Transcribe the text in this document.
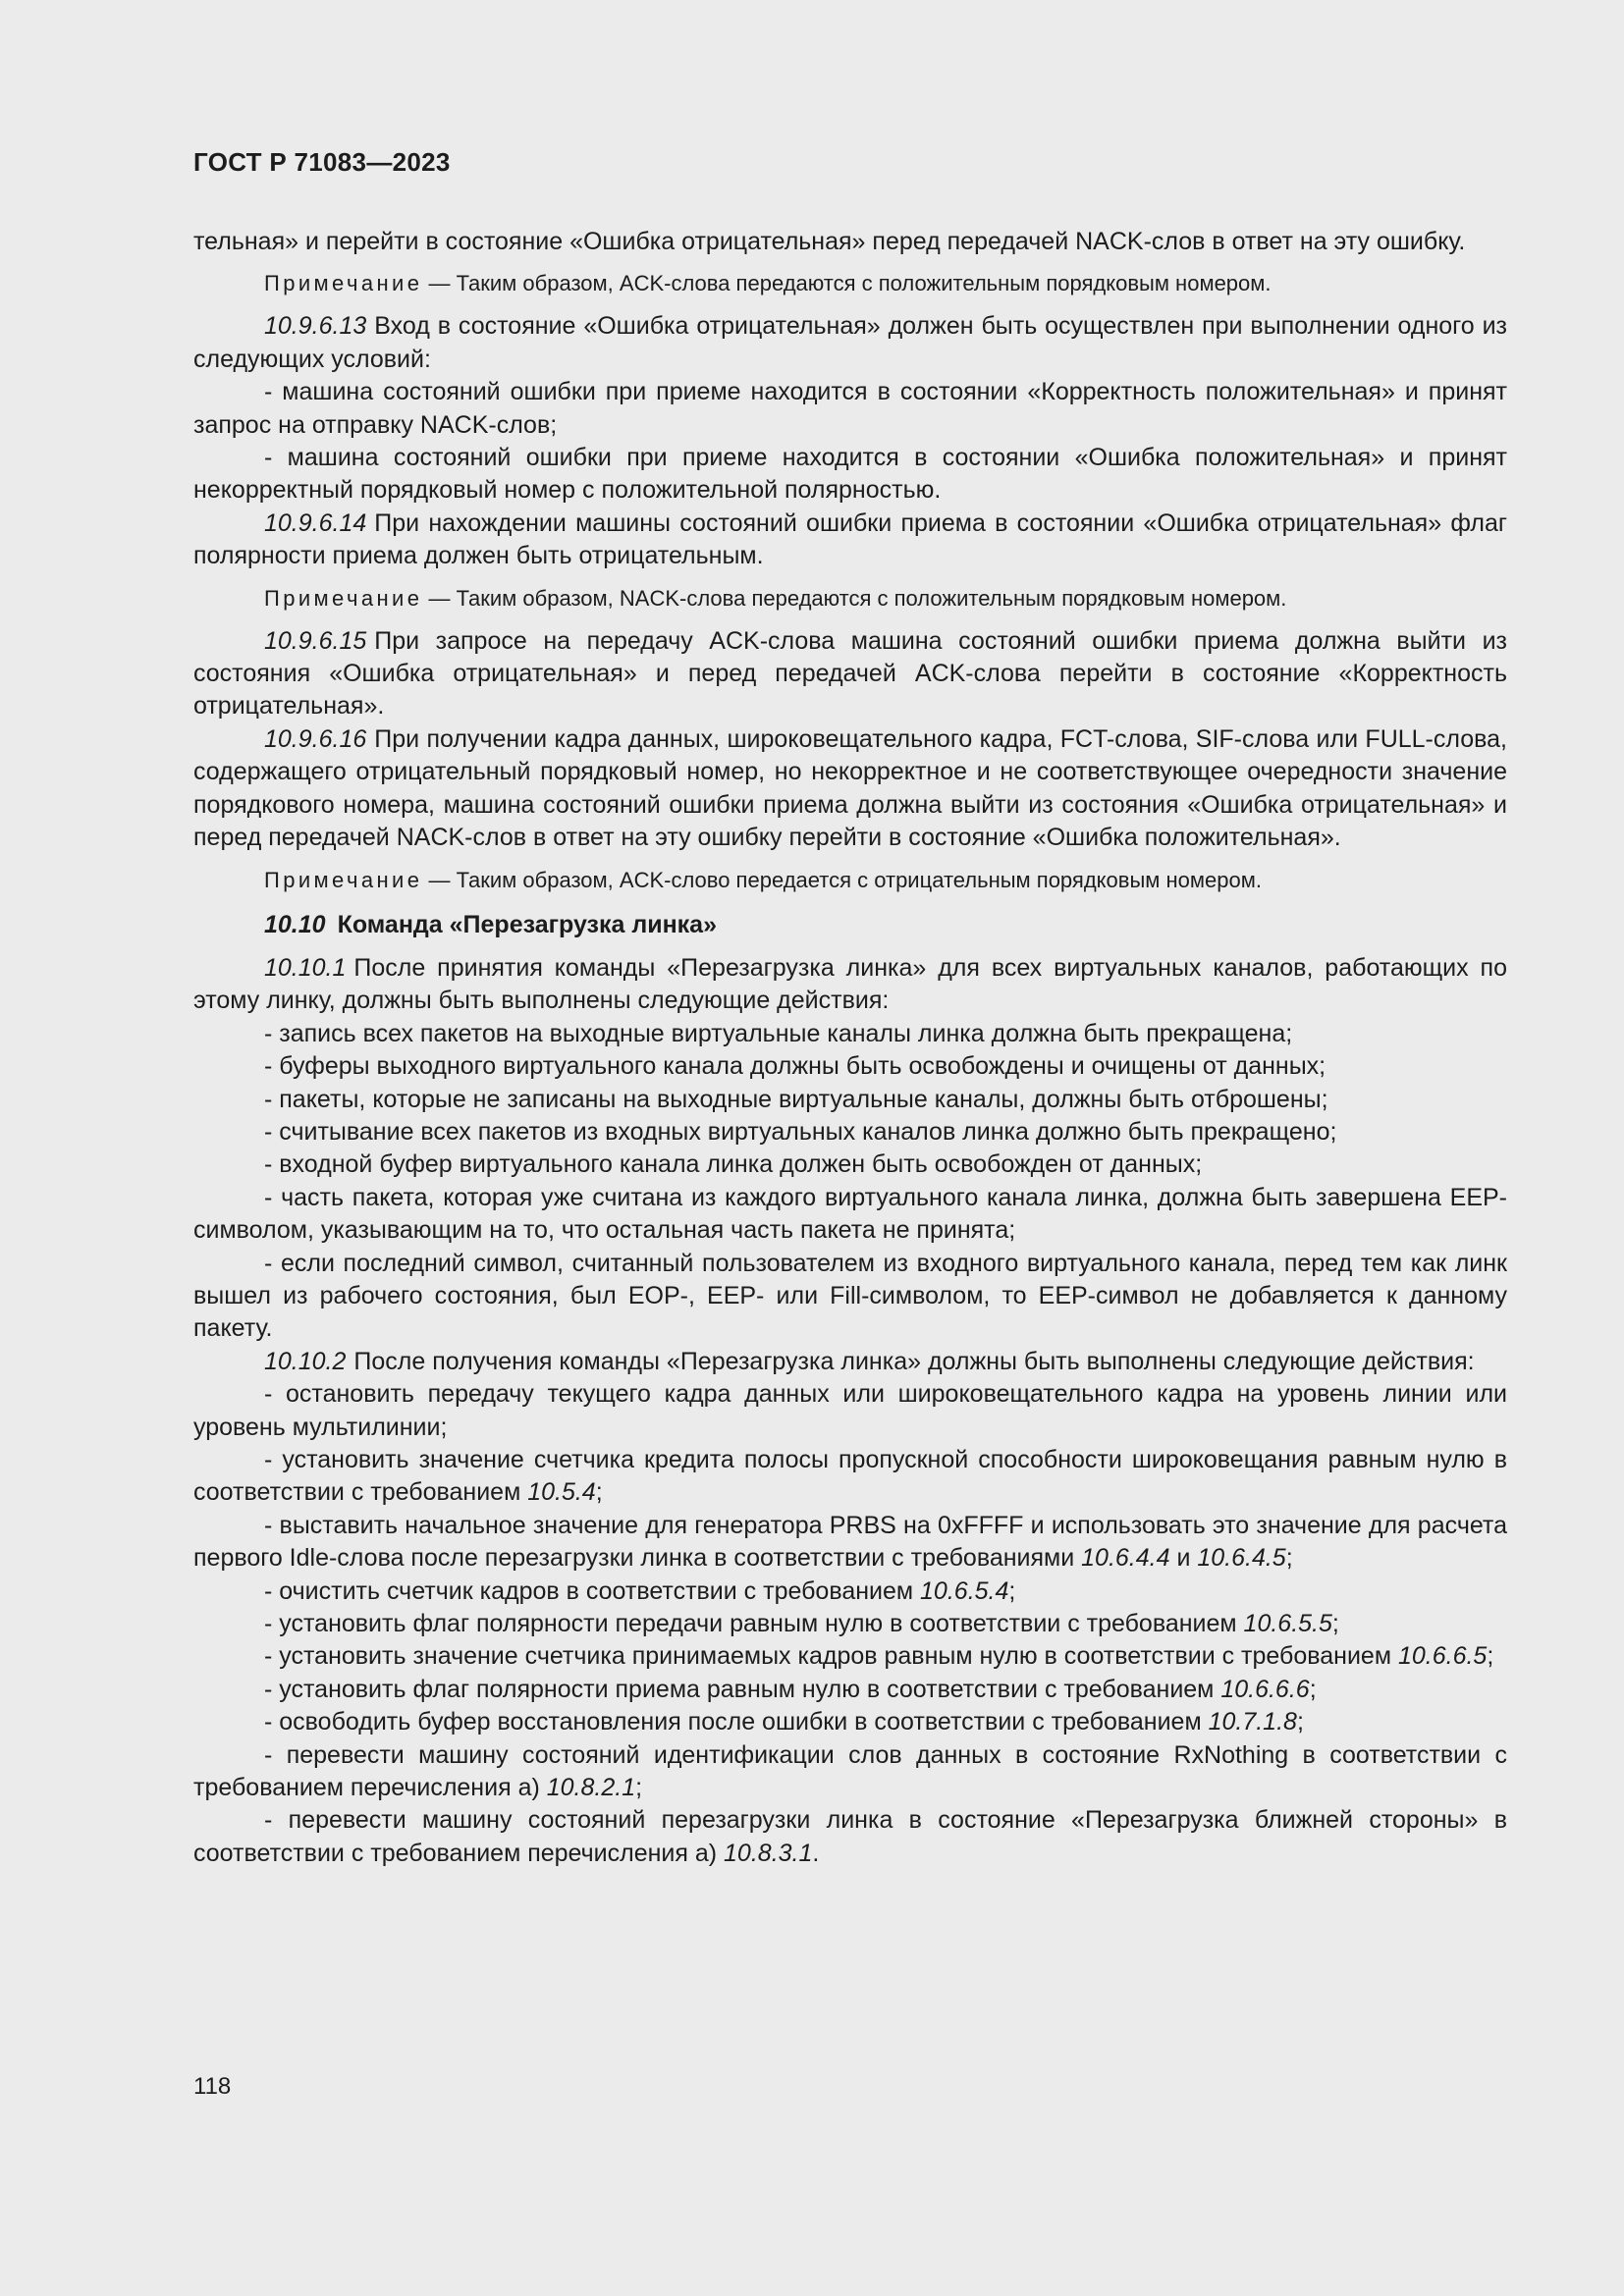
ГОСТ Р 71083—2023

тельная» и перейти в состояние «Ошибка отрицательная» перед передачей NACK-слов в ответ на эту ошибку.

Примечание — Таким образом, ACK-слова передаются с положительным порядковым номером.

10.9.6.13 Вход в состояние «Ошибка отрицательная» должен быть осуществлен при выполнении одного из следующих условий:

- машина состояний ошибки при приеме находится в состоянии «Корректность положительная» и принят запрос на отправку NACK-слов;

- машина состояний ошибки при приеме находится в состоянии «Ошибка положительная» и принят некорректный порядковый номер с положительной полярностью.

10.9.6.14 При нахождении машины состояний ошибки приема в состоянии «Ошибка отрицательная» флаг полярности приема должен быть отрицательным.

Примечание — Таким образом, NACK-слова передаются с положительным порядковым номером.

10.9.6.15 При запросе на передачу ACK-слова машина состояний ошибки приема должна выйти из состояния «Ошибка отрицательная» и перед передачей ACK-слова перейти в состояние «Корректность отрицательная».

10.9.6.16 При получении кадра данных, широковещательного кадра, FCT-слова, SIF-слова или FULL-слова, содержащего отрицательный порядковый номер, но некорректное и не соответствующее очередности значение порядкового номера, машина состояний ошибки приема должна выйти из состояния «Ошибка отрицательная» и перед передачей NACK-слов в ответ на эту ошибку перейти в состояние «Ошибка положительная».

Примечание — Таким образом, ACK-слово передается с отрицательным порядковым номером.

10.10 Команда «Перезагрузка линка»

10.10.1 После принятия команды «Перезагрузка линка» для всех виртуальных каналов, работающих по этому линку, должны быть выполнены следующие действия:

- запись всех пакетов на выходные виртуальные каналы линка должна быть прекращена;

- буферы выходного виртуального канала должны быть освобождены и очищены от данных;

- пакеты, которые не записаны на выходные виртуальные каналы, должны быть отброшены;

- считывание всех пакетов из входных виртуальных каналов линка должно быть прекращено;

- входной буфер виртуального канала линка должен быть освобожден от данных;

- часть пакета, которая уже считана из каждого виртуального канала линка, должна быть завершена EEP-символом, указывающим на то, что остальная часть пакета не принята;

- если последний символ, считанный пользователем из входного виртуального канала, перед тем как линк вышел из рабочего состояния, был EOP-, EEP- или Fill-символом, то EEP-символ не добавляется к данному пакету.

10.10.2 После получения команды «Перезагрузка линка» должны быть выполнены следующие действия:

- остановить передачу текущего кадра данных или широковещательного кадра на уровень линии или уровень мультилинии;

- установить значение счетчика кредита полосы пропускной способности широковещания равным нулю в соответствии с требованием 10.5.4;

- выставить начальное значение для генератора PRBS на 0xFFFF и использовать это значение для расчета первого Idle-слова после перезагрузки линка в соответствии с требованиями 10.6.4.4 и 10.6.4.5;

- очистить счетчик кадров в соответствии с требованием 10.6.5.4;

- установить флаг полярности передачи равным нулю в соответствии с требованием 10.6.5.5;

- установить значение счетчика принимаемых кадров равным нулю в соответствии с требованием 10.6.6.5;

- установить флаг полярности приема равным нулю в соответствии с требованием 10.6.6.6;

- освободить буфер восстановления после ошибки в соответствии с требованием 10.7.1.8;

- перевести машину состояний идентификации слов данных в состояние RxNothing в соответствии с требованием перечисления а) 10.8.2.1;

- перевести машину состояний перезагрузки линка в состояние «Перезагрузка ближней стороны» в соответствии с требованием перечисления а) 10.8.3.1.

118
